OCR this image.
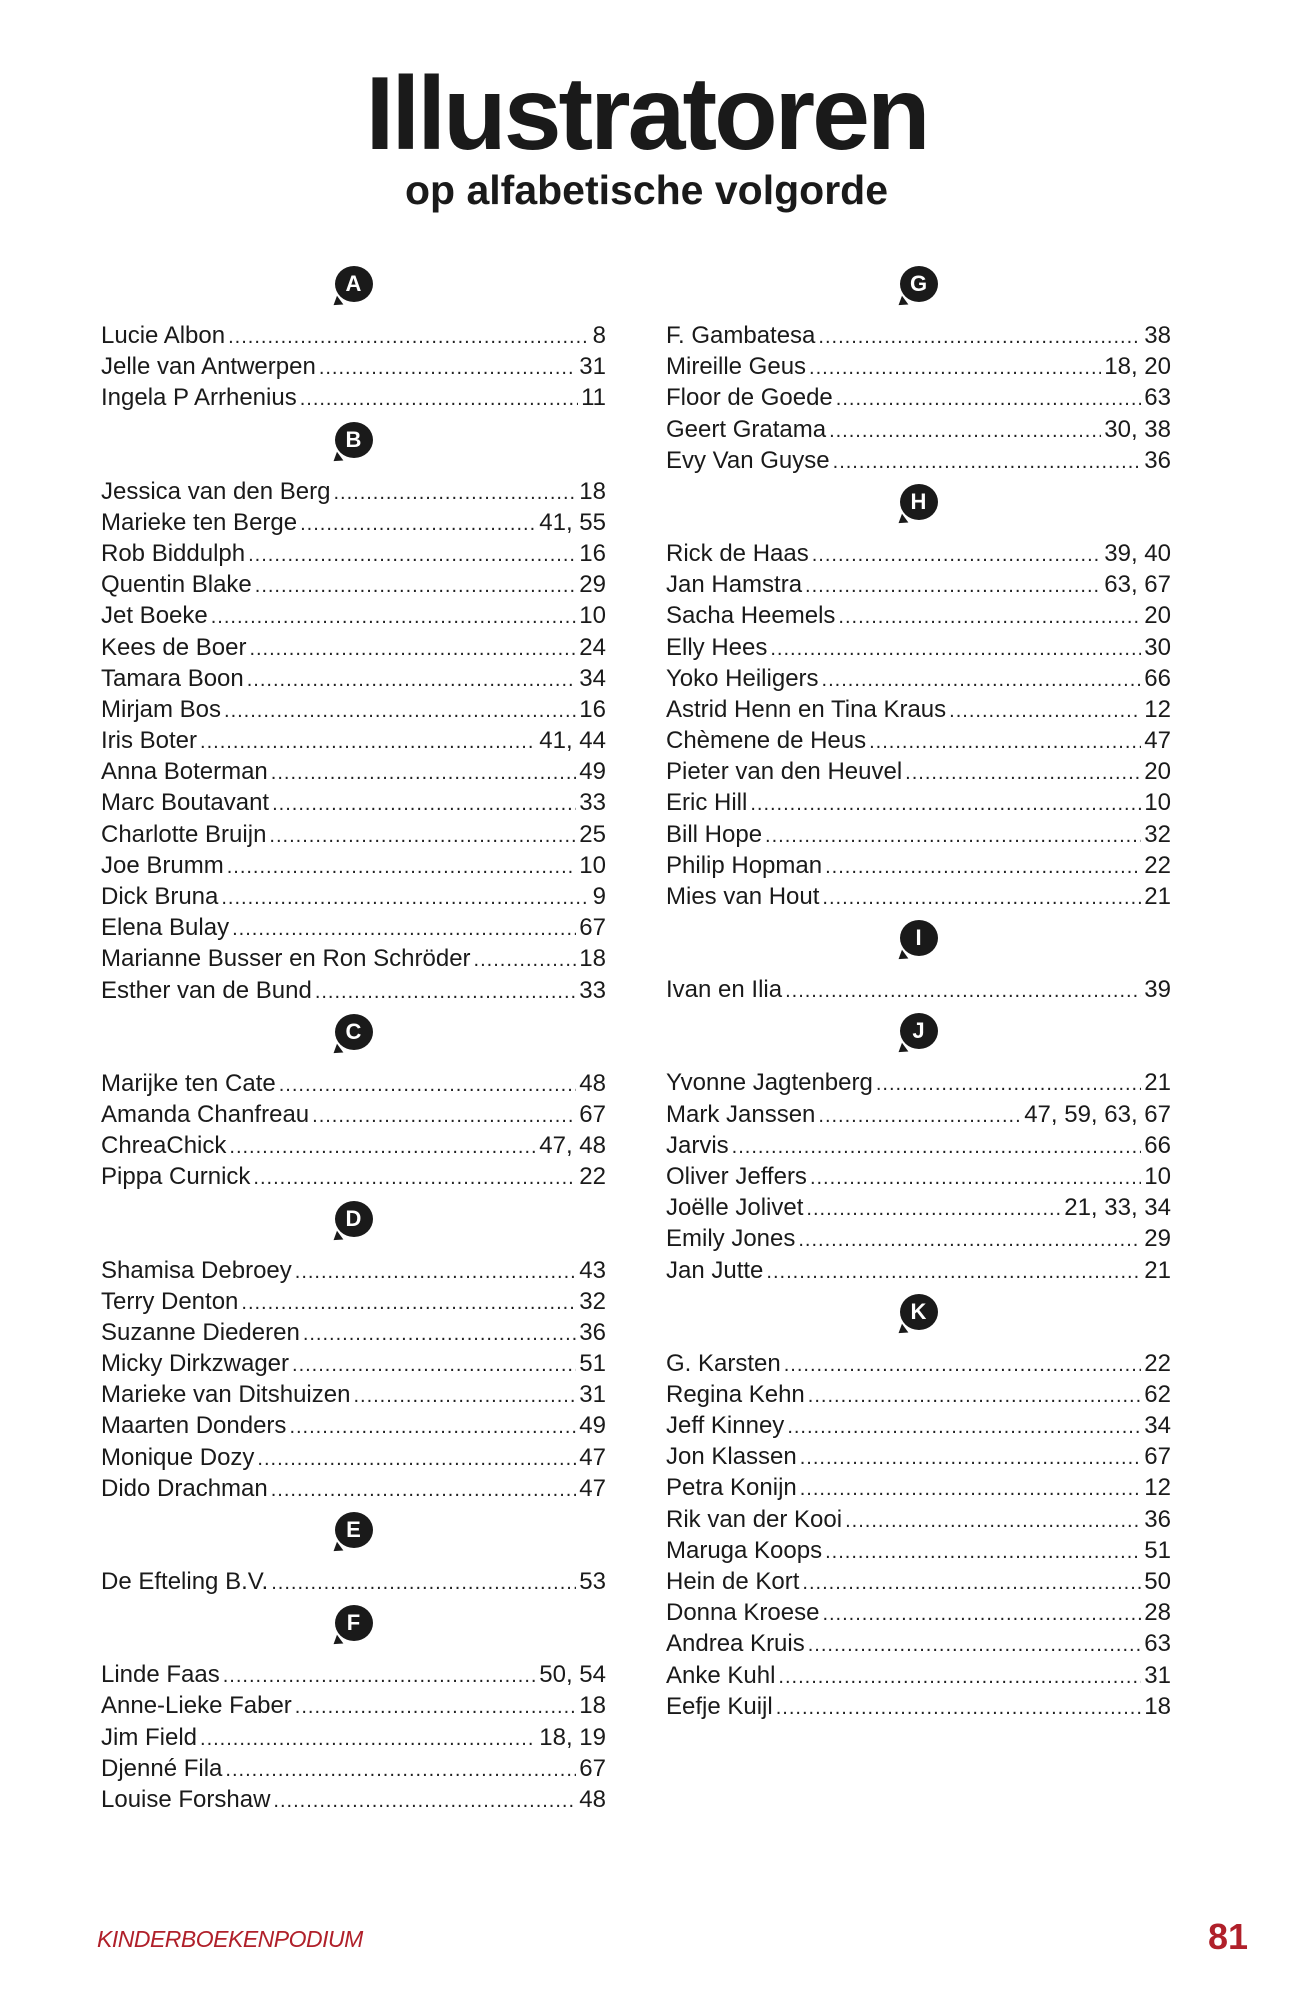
Illustratoren
op alfabetische volgorde
A
Lucie Albon .....	8
Jelle van Antwerpen .....	31
Ingela P Arrhenius .....	11
B
Jessica van den Berg .....	18
Marieke ten Berge .....	41, 55
Rob Biddulph .....	16
Quentin Blake .....	29
Jet Boeke .....	10
Kees de Boer .....	24
Tamara Boon .....	34
Mirjam Bos .....	16
Iris Boter .....	41, 44
Anna Boterman .....	49
Marc Boutavant .....	33
Charlotte Bruijn .....	25
Joe Brumm .....	10
Dick Bruna .....	9
Elena Bulay .....	67
Marianne Busser en Ron Schröder .....	18
Esther van de Bund .....	33
C
Marijke ten Cate .....	48
Amanda Chanfreau .....	67
ChreaChick .....	47, 48
Pippa Curnick .....	22
D
Shamisa Debroey .....	43
Terry Denton .....	32
Suzanne Diederen .....	36
Micky Dirkzwager .....	51
Marieke van Ditshuizen .....	31
Maarten Donders .....	49
Monique Dozy .....	47
Dido Drachman .....	47
E
De Efteling B.V. .....	53
F
Linde Faas .....	50, 54
Anne-Lieke Faber .....	18
Jim Field .....	18, 19
Djenné Fila .....	67
Louise Forshaw .....	48
G
F. Gambatesa .....	38
Mireille Geus .....	18, 20
Floor de Goede .....	63
Geert Gratama .....	30, 38
Evy Van Guyse .....	36
H
Rick de Haas .....	39, 40
Jan Hamstra .....	63, 67
Sacha Heemels .....	20
Elly Hees .....	30
Yoko Heiligers .....	66
Astrid Henn en Tina Kraus .....	12
Chèmene de Heus .....	47
Pieter van den Heuvel .....	20
Eric Hill .....	10
Bill Hope .....	32
Philip Hopman .....	22
Mies van Hout .....	21
I
Ivan en Ilia .....	39
J
Yvonne Jagtenberg .....	21
Mark Janssen .....	47, 59, 63, 67
Jarvis .....	66
Oliver Jeffers .....	10
Joëlle Jolivet .....	21, 33, 34
Emily Jones .....	29
Jan Jutte .....	21
K
G. Karsten .....	22
Regina Kehn .....	62
Jeff Kinney .....	34
Jon Klassen .....	67
Petra Konijn .....	12
Rik van der Kooi .....	36
Maruga Koops .....	51
Hein de Kort .....	50
Donna Kroese .....	28
Andrea Kruis .....	63
Anke Kuhl .....	31
Eefje Kuijl .....	18
KINDERBOEKENPODIUM	81
